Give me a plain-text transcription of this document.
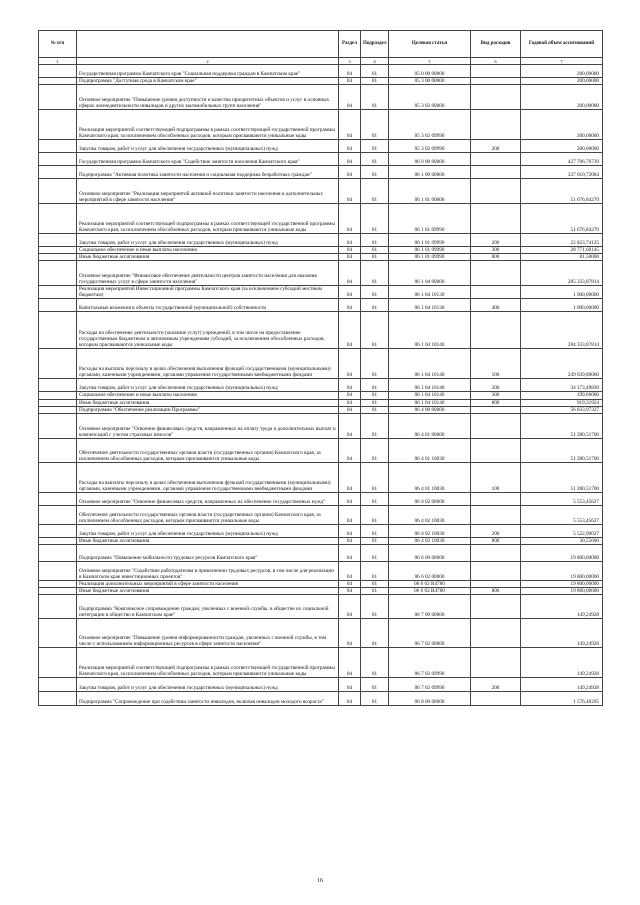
№ п/п		Раздел	Подраздел	Целевая статья	Вид расходов	Годовой объем ассигнований
1	2	3	4	5	6	7
	Государственная программа Камчатского края "Социальная поддержка граждан в Камчатском крае"	04	01	05 0 00 00000		200,00000
	Подпрограмма "Доступная среда в Камчатском крае"	04	01	05 3 00 00000		200,00000
	Основное мероприятие "Повышение уровня доступности и качества приоритетных объектов и услуг в основных сферах жизнедеятельности инвалидов и других маломобильных групп населения"	04	01	05 3 02 00000		200,00000
	Реализация мероприятий соответствующей подпрограммы в рамках соответствующей государственной программы Камчатского края, за исключением обособленных расходов, которым присваиваются уникальные коды	04	01	05 3 02 09990		200,00000
	Закупка товаров, работ и услуг для обеспечения государственных (муниципальных) нужд	04	01	05 3 02 09990	200	200,00000
	Государственная программа Камчатского края "Содействие занятости населения Камчатского края"	04	01	06 0 00 00000		427 706,76739
	Подпрограмма "Активная политика занятости населения и социальная поддержка безработных граждан"	04	01	06 1 00 00000		337 010,72084
	Основное мероприятие "Реализация мероприятий активной политики занятости населения и дополнительных мероприятий в сфере занятости населения"	04	01	06 1 01 00000		51 676,84270
	Реализация мероприятий соответствующей подпрограммы в рамках соответствующей государственной программы Камчатского края, за исключением обособленных расходов, которым присваиваются уникальные коды	04	01	06 1 01 09990		51 676,84270
	Закупка товаров, работ и услуг для обеспечения государственных (муниципальных) нужд	04	01	06 1 01 09990	200	22 823,74125
	Социальное обеспечение и иные выплаты населению	04	01	06 1 01 09990	300	28 771,60145
	Иные бюджетные ассигнования	04	01	06 1 01 09990	800	81,50000
	Основное мероприятие "Финансовое обеспечение деятельности центров занятости населения для оказания государственных услуг в сфере занятости населения"	04	01	06 1 04 00000		285 333,87814
	Реализация мероприятий Инвестиционной программы Камчатского края (за исключением субсидий местным бюджетам)	04	01	06 1 04 10130		1 000,00000
	Капитальные вложения в объекты государственной (муниципальной) собственности	04	01	06 1 04 10130	400	1 000,00000
	Расходы на обеспечение деятельности (оказание услуг) учреждений, в том числе на предоставление государственным бюджетным и автономным учреждениям субсидий, за исключением обособленных расходов, которым присваиваются уникальные коды	04	01	06 1 04 10140		284 333,87814
	Расходы на выплаты персоналу в целях обеспечения выполнения функций государственными (муниципальными) органами, казенными учреждениями, органами управления государственными внебюджетными фондами	04	01	06 1 04 10140	100	249 039,80060
	Закупка товаров, работ и услуг для обеспечения государственных (муниципальных) нужд	04	01	06 1 04 10140	200	34 173,49830
	Социальное обеспечение и иные выплаты населению	04	01	06 1 04 10140	300	199,66000
	Иные бюджетные ассигнования	04	01	06 1 04 10140	800	919,31924
	Подпрограмма "Обеспечение реализации Программы"	04	01	06 4 00 00000		56 833,97327
	Основное мероприятие "Освоение финансовых средств, направленных на оплату труда и дополнительных выплат и компенсаций с учетом страховых взносов"	04	01	06 4 01 00000		51 280,51700
	Обеспечение деятельности государственных органов власти (государственных органов) Камчатского края, за исключением обособленных расходов, которым присваиваются уникальные коды	04	01	06 4 01 10030		51 280,51700
	Расходы на выплаты персоналу в целях обеспечения выполнения функций государственными (муниципальными) органами, казенными учреждениями, органами управления государственными внебюджетными фондами	04	01	06 4 01 10030	100	51 280,51700
	Основное мероприятие "Освоение финансовых средств, направленных на обеспечение государственных нужд"	04	01	06 4 02 00000		5 553,45627
	Обеспечение деятельности государственных органов власти (государственных органов) Камчатского края, за исключением обособленных расходов, которым присваиваются уникальные коды	04	01	06 4 02 10030		5 553,45627
	Закупка товаров, работ и услуг для обеспечения государственных (муниципальных) нужд	04	01	06 4 02 10030	200	5 522,90027
	Иные бюджетные ассигнования	04	01	06 4 02 10030	800	30,55600
	Подпрограмма "Повышение мобильности трудовых ресурсов Камчатского края"	04	01	06 6 00 00000		19 800,00000
	Основное мероприятие "Содействие работодателям в привлечении трудовых ресурсов, в том числе для реализации в Камчатском крае инвестиционных проектов"	04	01	06 6 02 00000		19 800,00000
	Реализация дополнительных мероприятий в сфере занятости населения	04	01	06 6 02 R4780		19 800,00000
	Иные бюджетные ассигнования	04	01	06 6 02 R4780	800	19 800,00000
	Подпрограмма "Комплексное сопровождение граждан, уволенных с военной службы, в обществе их социальной интеграции в общество в Камчатском крае"	04	01	06 7 00 00000		149,24928
	Основное мероприятие "Повышение уровня информированности граждан, уволенных с военной службы, в том числе с использованием информационных ресурсов в сфере занятости населения"	04	01	06 7 02 00000		149,24928
	Реализация мероприятий соответствующей подпрограммы в рамках соответствующей государственной программы Камчатского края, за исключением обособленных расходов, которым присваиваются уникальные коды	04	01	06 7 02 09990		149,24928
	Закупка товаров, работ и услуг для обеспечения государственных (муниципальных) нужд	04	01	06 7 02 09990	200	149,24928
	Подпрограмма "Сопровождение при содействии занятости инвалидов, включая инвалидов молодого возраста"	04	01	06 8 00 00000		1 576,40295
16
